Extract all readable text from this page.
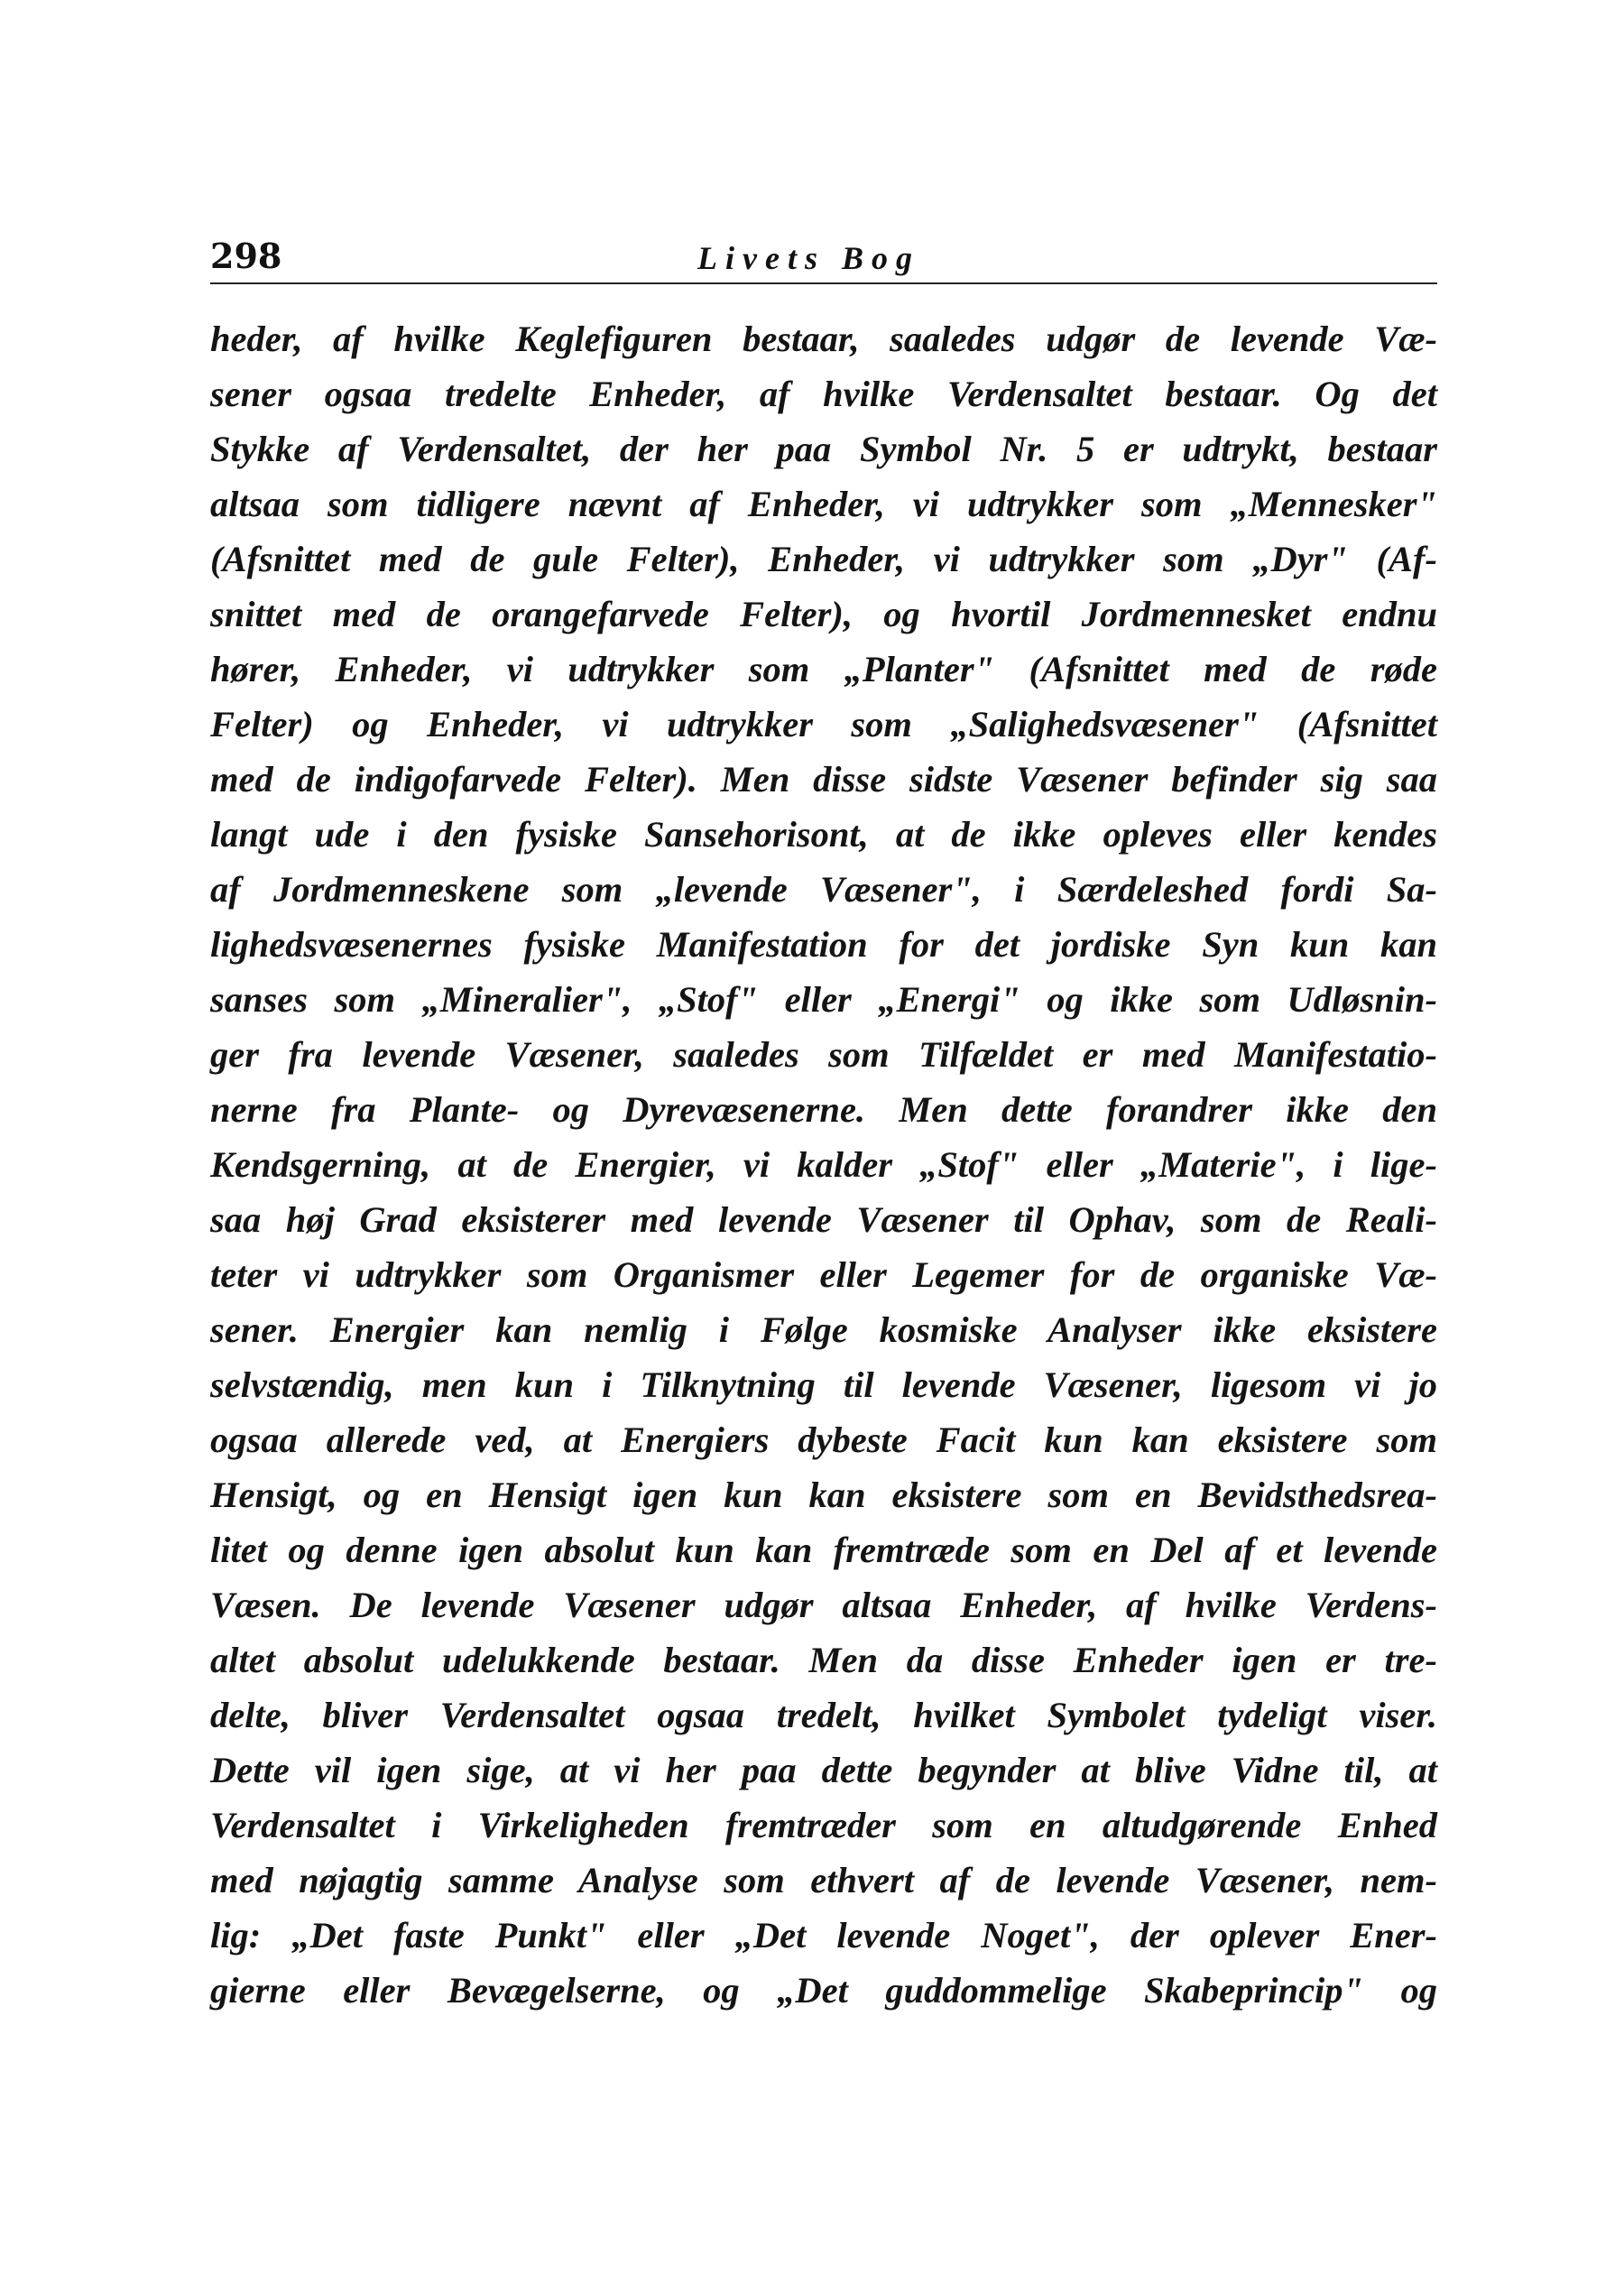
298	Livets Bog
heder, af hvilke Keglefiguren bestaar, saaledes udgør de levende Væ-
sener ogsaa tredelte Enheder, af hvilke Verdensaltet bestaar. Og det
Stykke af Verdensaltet, der her paa Symbol Nr. 5 er udtrykt, bestaar
altsaa som tidligere nævnt af Enheder, vi udtrykker som „Mennesker"
(Afsnittet med de gule Felter), Enheder, vi udtrykker som „Dyr" (Af-
snittet med de orangefarvede Felter), og hvortil Jordmennesket endnu
hører, Enheder, vi udtrykker som „Planter" (Afsnittet med de røde
Felter) og Enheder, vi udtrykker som „Salighedsvæsener" (Afsnittet
med de indigofarvede Felter). Men disse sidste Væsener befinder sig saa
langt ude i den fysiske Sansehorisont, at de ikke opleves eller kendes
af Jordmenneskene som „levende Væsener", i Særdeleshed fordi Sa-
lighedsvæsenernes fysiske Manifestation for det jordiske Syn kun kan
sanses som „Mineralier", „Stof" eller „Energi" og ikke som Udløsnin-
ger fra levende Væsener, saaledes som Tilfældet er med Manifestatio-
nerne fra Plante- og Dyrevæsenerne. Men dette forandrer ikke den
Kendsgerning, at de Energier, vi kalder „Stof" eller „Materie", i lige-
saa høj Grad eksisterer med levende Væsener til Ophav, som de Reali-
teter vi udtrykker som Organismer eller Legemer for de organiske Væ-
sener. Energier kan nemlig i Følge kosmiske Analyser ikke eksistere
selvstændig, men kun i Tilknytning til levende Væsener, ligesom vi jo
ogsaa allerede ved, at Energiers dybeste Facit kun kan eksistere som
Hensigt, og en Hensigt igen kun kan eksistere som en Bevidsthedsrea-
litet og denne igen absolut kun kan fremtræde som en Del af et levende
Væsen. De levende Væsener udgør altsaa Enheder, af hvilke Verdens-
altet absolut udelukkende bestaar. Men da disse Enheder igen er tre-
delte, bliver Verdensaltet ogsaa tredelt, hvilket Symbolet tydeligt viser.
Dette vil igen sige, at vi her paa dette begynder at blive Vidne til, at
Verdensaltet i Virkeligheden fremtræder som en altudgørende Enhed
med nøjagtig samme Analyse som ethvert af de levende Væsener, nem-
lig: „Det faste Punkt" eller „Det levende Noget", der oplever Ener-
gierne eller Bevægelserne, og „Det guddommelige Skabeprincip" og
